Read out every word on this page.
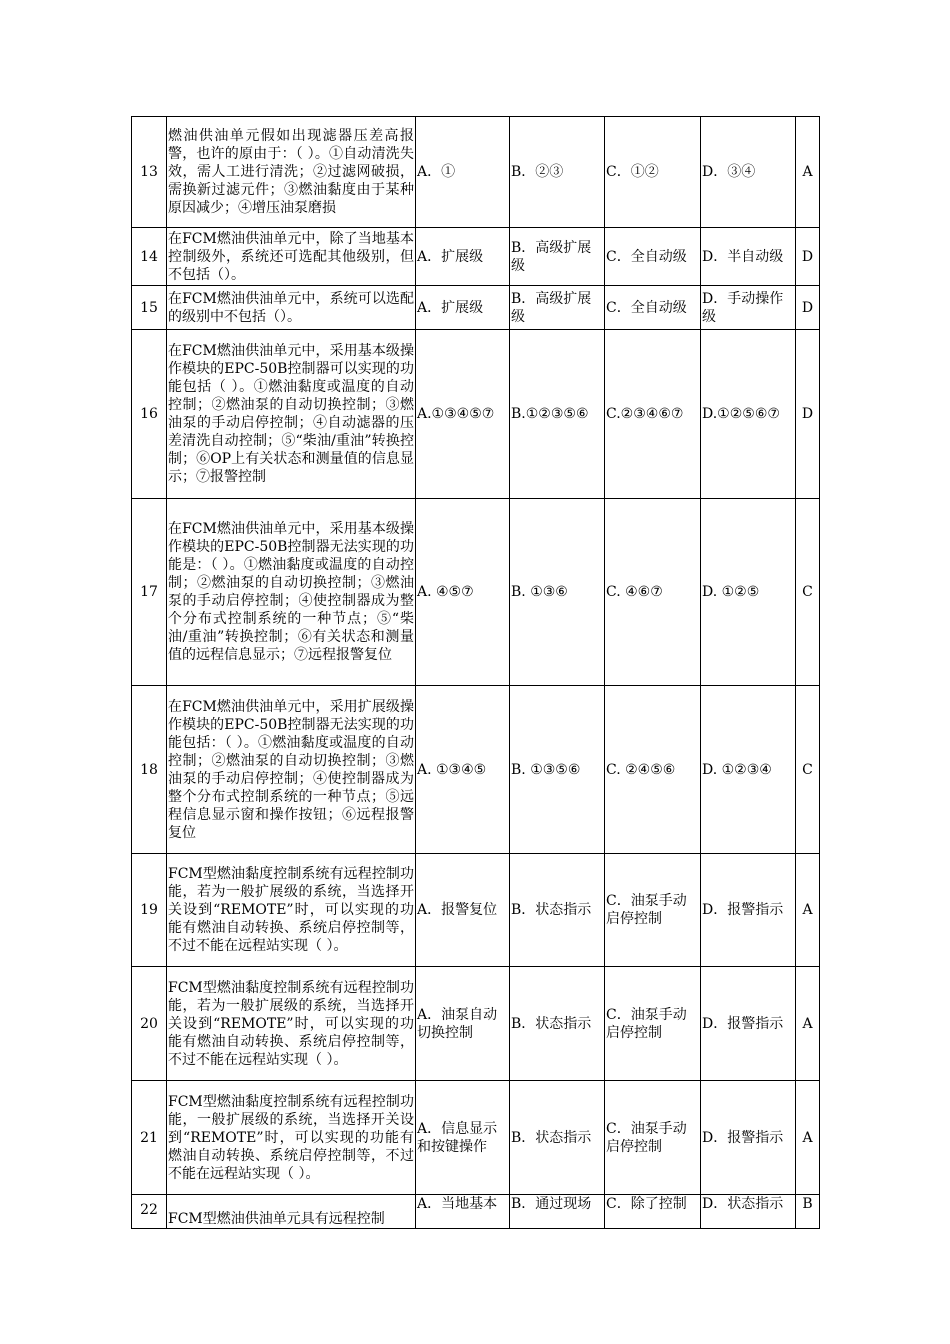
13	燃油供油单元假如出现滤器压差高报警，也许的原由于：（ ）。①自动清洗失效，需人工进行清洗；②过滤网破损，需换新过滤元件；③燃油黏度由于某种原因减少；④增压油泵磨损	A．①	B．②③	C．①②	D．③④	A
14	在FCM燃油供油单元中，除了当地基本控制级外，系统还可选配其他级别，但不包括（）。	A．扩展级	B．高级扩展级	C．全自动级	D．半自动级	D
15	在FCM燃油供油单元中，系统可以选配的级别中不包括（）。	A．扩展级	B．高级扩展级	C．全自动级	D．手动操作级	D
16	在FCM燃油供油单元中，采用基本级操作模块的EPC-50B控制器可以实现的功能包括（ ）。①燃油黏度或温度的自动控制；②燃油泵的自动切换控制；③燃油泵的手动启停控制；④自动滤器的压差清洗自动控制；⑤“柴油/重油”转换控制；⑥OP上有关状态和测量值的信息显示；⑦报警控制	A.①③④⑤⑦	B.①②③⑤⑥	C.②③④⑥⑦	D.①②⑤⑥⑦	D
17	在FCM燃油供油单元中，采用基本级操作模块的EPC-50B控制器无法实现的功能是：（ ）。①燃油黏度或温度的自动控制；②燃油泵的自动切换控制；③燃油泵的手动启停控制；④使控制器成为整个分布式控制系统的一种节点；⑤“柴油/重油”转换控制；⑥有关状态和测量值的远程信息显示；⑦远程报警复位	A. ④⑤⑦	B. ①③⑥	C. ④⑥⑦	D. ①②⑤	C
18	在FCM燃油供油单元中，采用扩展级操作模块的EPC-50B控制器无法实现的功能包括：（ ）。①燃油黏度或温度的自动控制；②燃油泵的自动切换控制；③燃油泵的手动启停控制；④使控制器成为整个分布式控制系统的一种节点；⑤远程信息显示窗和操作按钮；⑥远程报警复位	A. ①③④⑤	B. ①③⑤⑥	C. ②④⑤⑥	D. ①②③④	C
19	FCM型燃油黏度控制系统有远程控制功能，若为一般扩展级的系统，当选择开关设到“REMOTE”时，可以实现的功能有燃油自动转换、系统启停控制等，不过不能在远程站实现（ ）。	A．报警复位	B．状态指示	C．油泵手动启停控制	D．报警指示	A
20	FCM型燃油黏度控制系统有远程控制功能，若为一般扩展级的系统，当选择开关设到“REMOTE”时，可以实现的功能有燃油自动转换、系统启停控制等，不过不能在远程站实现（ ）。	A．油泵自动切换控制	B．状态指示	C．油泵手动启停控制	D．报警指示	A
21	FCM型燃油黏度控制系统有远程控制功能，一般扩展级的系统，当选择开关设到“REMOTE”时，可以实现的功能有燃油自动转换、系统启停控制等，不过不能在远程站实现（ ）。	A．信息显示和按键操作	B．状态指示	C．油泵手动启停控制	D．报警指示	A
22	FCM型燃油供油单元具有远程控制	A．当地基本	B．通过现场	C．除了控制	D．状态指示	B
